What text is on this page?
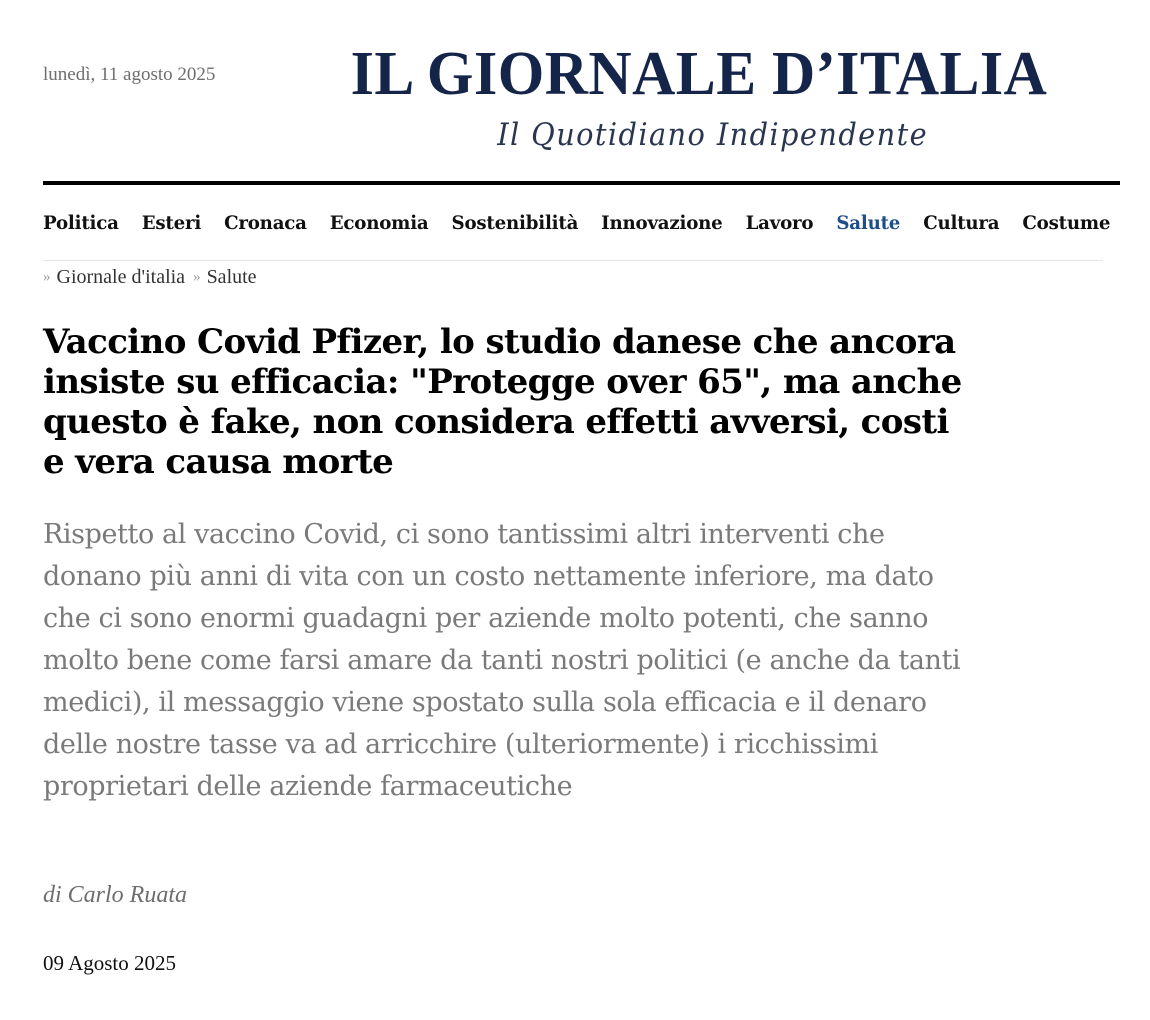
lunedì, 11 agosto 2025 IL GIORNALE D’ITALIA Il Quotidiano Indipendente
Politica Esteri Cronaca Economia Sostenibilità Innovazione Lavoro Salute Cultura Costume
» Giornale d'italia » Salute
Vaccino Covid Pfizer, lo studio danese che ancora insiste su efficacia: "Protegge over 65", ma anche questo è fake, non considera effetti avversi, costi e vera causa morte

Rispetto al vaccino Covid, ci sono tantissimi altri interventi che donano più anni di vita con un costo nettamente inferiore, ma dato che ci sono enormi guadagni per aziende molto potenti, che sanno molto bene come farsi amare da tanti nostri politici (e anche da tanti medici), il messaggio viene spostato sulla sola efficacia e il denaro delle nostre tasse va ad arricchire (ulteriormente) i ricchissimi proprietari delle aziende farmaceutiche

di Carlo Ruata
09 Agosto 2025
